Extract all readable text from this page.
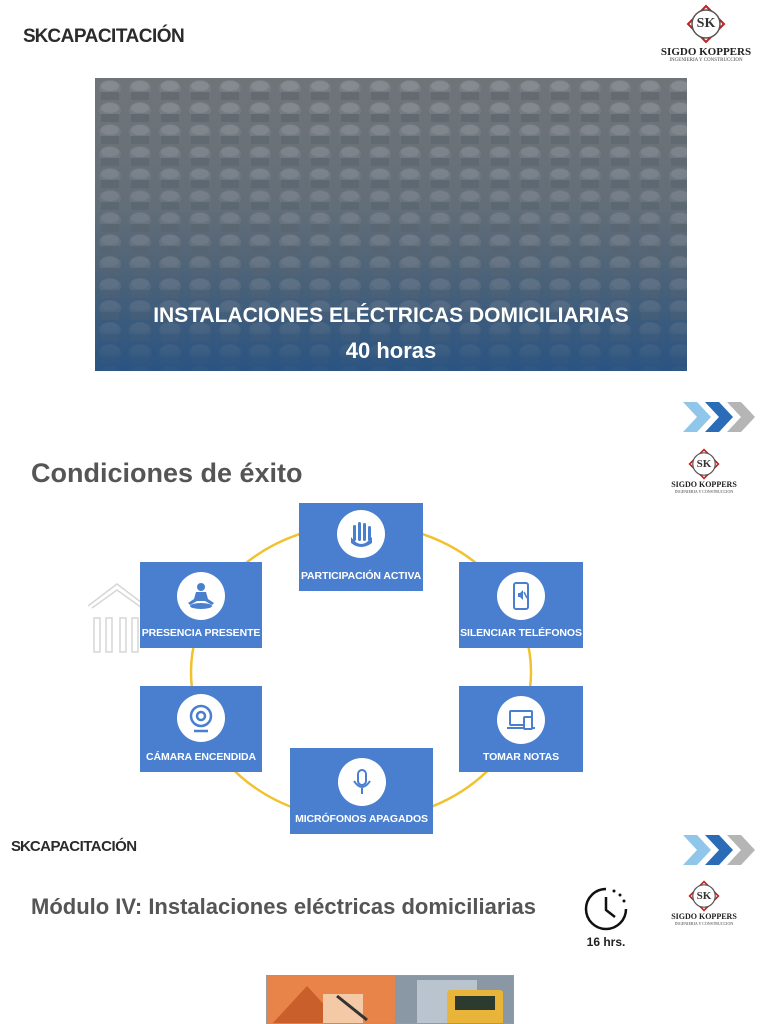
SKCAPACITACIÓN
SK
SIGDO KOPPERS
INGENIERIA Y CONSTRUCCION
INSTALACIONES ELÉCTRICAS DOMICILIARIAS
40 horas
SK
SIGDO KOPPERS
INGENIERIA Y CONSTRUCCION
Condiciones de éxito
PARTICIPACIÓN ACTIVA
SILENCIAR TELÉFONOS
TOMAR NOTAS
MICRÓFONOS APAGADOS
CÁMARA ENCENDIDA
PRESENCIA PRESENTE
SKCAPACITACIÓN
Módulo IV: Instalaciones eléctricas domiciliarias
16 hrs.
SK
SIGDO KOPPERS
INGENIERIA Y CONSTRUCCION
